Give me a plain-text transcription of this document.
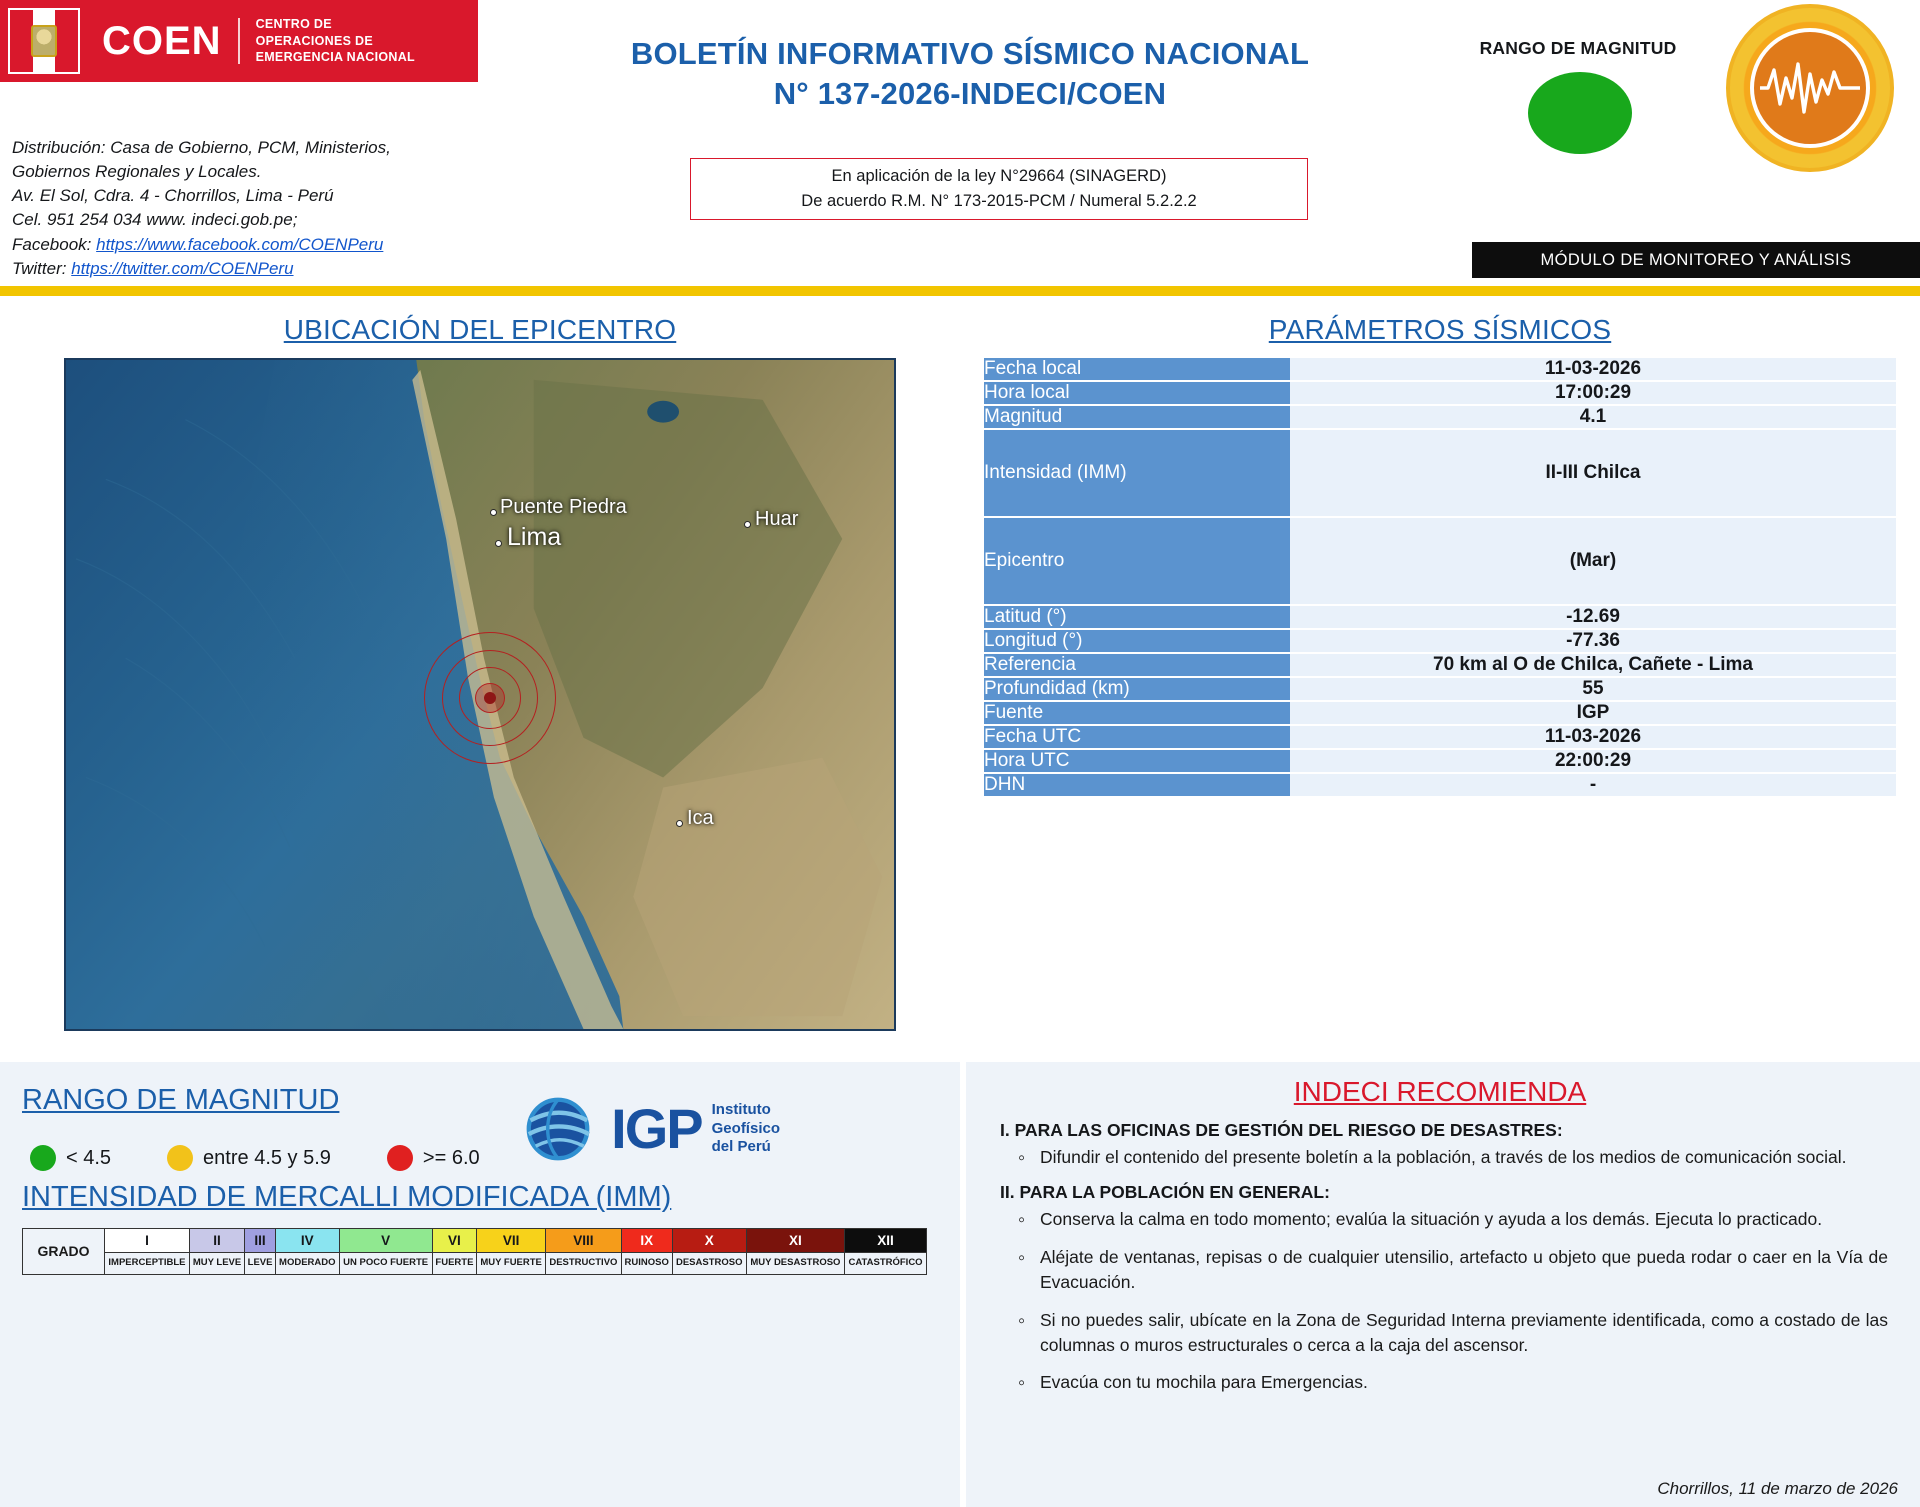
COEN	CENTRO DE
OPERACIONES DE
EMERGENCIA NACIONAL
Distribución: Casa de Gobierno, PCM, Ministerios,
Gobiernos Regionales y Locales.
Av. El Sol, Cdra. 4 - Chorrillos, Lima - Perú
Cel. 951 254 034 www. indeci.gob.pe;
Facebook: https://www.facebook.com/COENPeru
Twitter: https://twitter.com/COENPeru
BOLETÍN INFORMATIVO SÍSMICO NACIONAL
N° 137-2026-INDECI/COEN
En aplicación de la ley N°29664 (SINAGERD)
De acuerdo R.M. N° 173-2015-PCM / Numeral 5.2.2.2
RANGO DE MAGNITUD
MÓDULO DE MONITOREO Y ANÁLISIS
UBICACIÓN DEL EPICENTRO
Puente Piedra
Lima
Huar
Ica
PARÁMETROS SÍSMICOS
Fecha local	11-03-2026
Hora local	17:00:29
Magnitud	4.1
Intensidad (IMM)	II-III Chilca
Epicentro	(Mar)
Latitud (°)	-12.69
Longitud (°)	-77.36
Referencia	70 km al O de Chilca, Cañete - Lima
Profundidad (km)	55
Fuente	IGP
Fecha UTC	11-03-2026
Hora UTC	22:00:29
DHN	-
RANGO DE MAGNITUD	IGP Instituto
Geofísico
del Perú
< 4.5	entre 4.5 y 5.9	>= 6.0
INTENSIDAD DE MERCALLI MODIFICADA (IMM)
GRADO	I	II	III	IV	V	VI	VII	VIII	IX	X	XI	XII
	IMPERCEPTIBLE	MUY LEVE	LEVE	MODERADO	UN POCO FUERTE	FUERTE	MUY FUERTE	DESTRUCTIVO	RUINOSO	DESASTROSO	MUY DESASTROSO	CATASTRÓFICO
INDECI RECOMIENDA
I. PARA LAS OFICINAS DE GESTIÓN DEL RIESGO DE DESASTRES:
◦ Difundir el contenido del presente boletín a la población, a través de los medios de comunicación social.
II. PARA LA POBLACIÓN EN GENERAL:
◦ Conserva la calma en todo momento; evalúa la situación y ayuda a los demás. Ejecuta lo practicado.
◦ Aléjate de ventanas, repisas o de cualquier utensilio, artefacto u objeto que pueda rodar o caer en la Vía de Evacuación.
◦ Si no puedes salir, ubícate en la Zona de Seguridad Interna previamente identificada, como a costado de las columnas o muros estructurales o cerca a la caja del ascensor.
◦ Evacúa con tu mochila para Emergencias.
Chorrillos, 11 de marzo de 2026
